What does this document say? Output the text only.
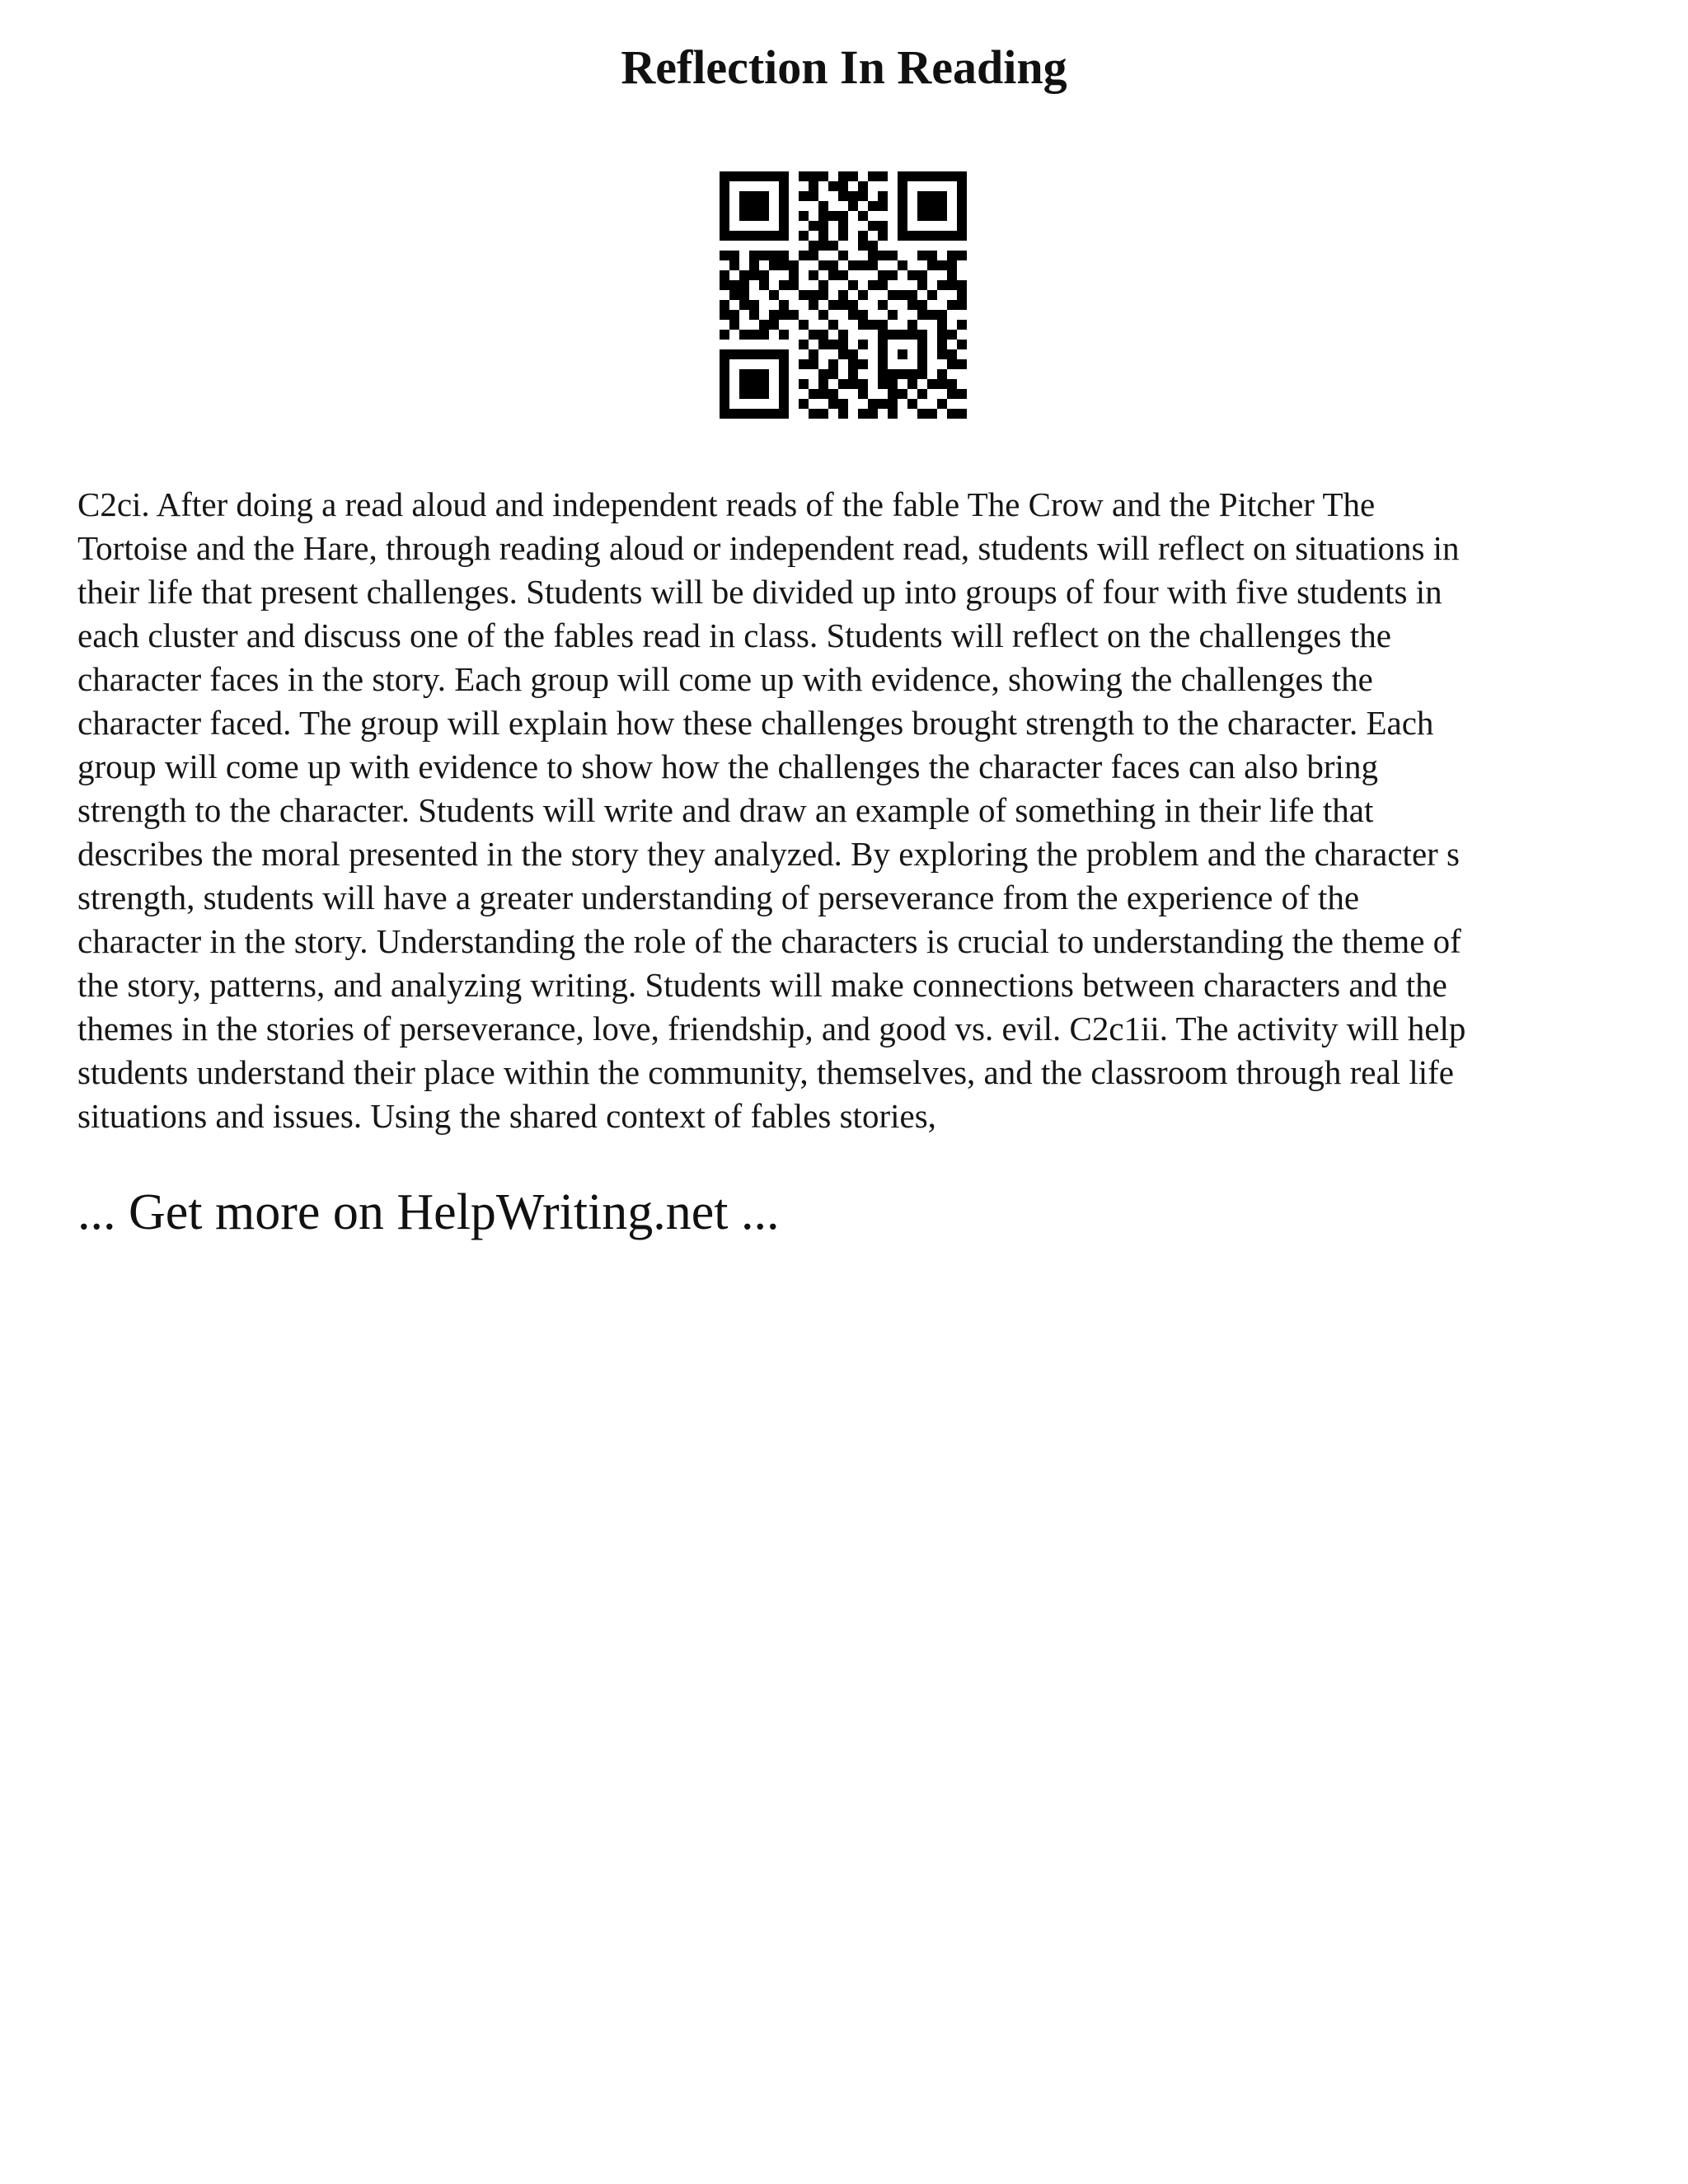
Reflection In Reading

C2ci. After doing a read aloud and independent reads of the fable The Crow and the Pitcher The
Tortoise and the Hare, through reading aloud or independent read, students will reflect on situations in
their life that present challenges. Students will be divided up into groups of four with five students in
each cluster and discuss one of the fables read in class. Students will reflect on the challenges the
character faces in the story. Each group will come up with evidence, showing the challenges the
character faced. The group will explain how these challenges brought strength to the character. Each
group will come up with evidence to show how the challenges the character faces can also bring
strength to the character. Students will write and draw an example of something in their life that
describes the moral presented in the story they analyzed. By exploring the problem and the character s
strength, students will have a greater understanding of perseverance from the experience of the
character in the story. Understanding the role of the characters is crucial to understanding the theme of
the story, patterns, and analyzing writing. Students will make connections between characters and the
themes in the stories of perseverance, love, friendship, and good vs. evil. C2c1ii. The activity will help
students understand their place within the community, themselves, and the classroom through real life
situations and issues. Using the shared context of fables stories,

... Get more on HelpWriting.net ...
